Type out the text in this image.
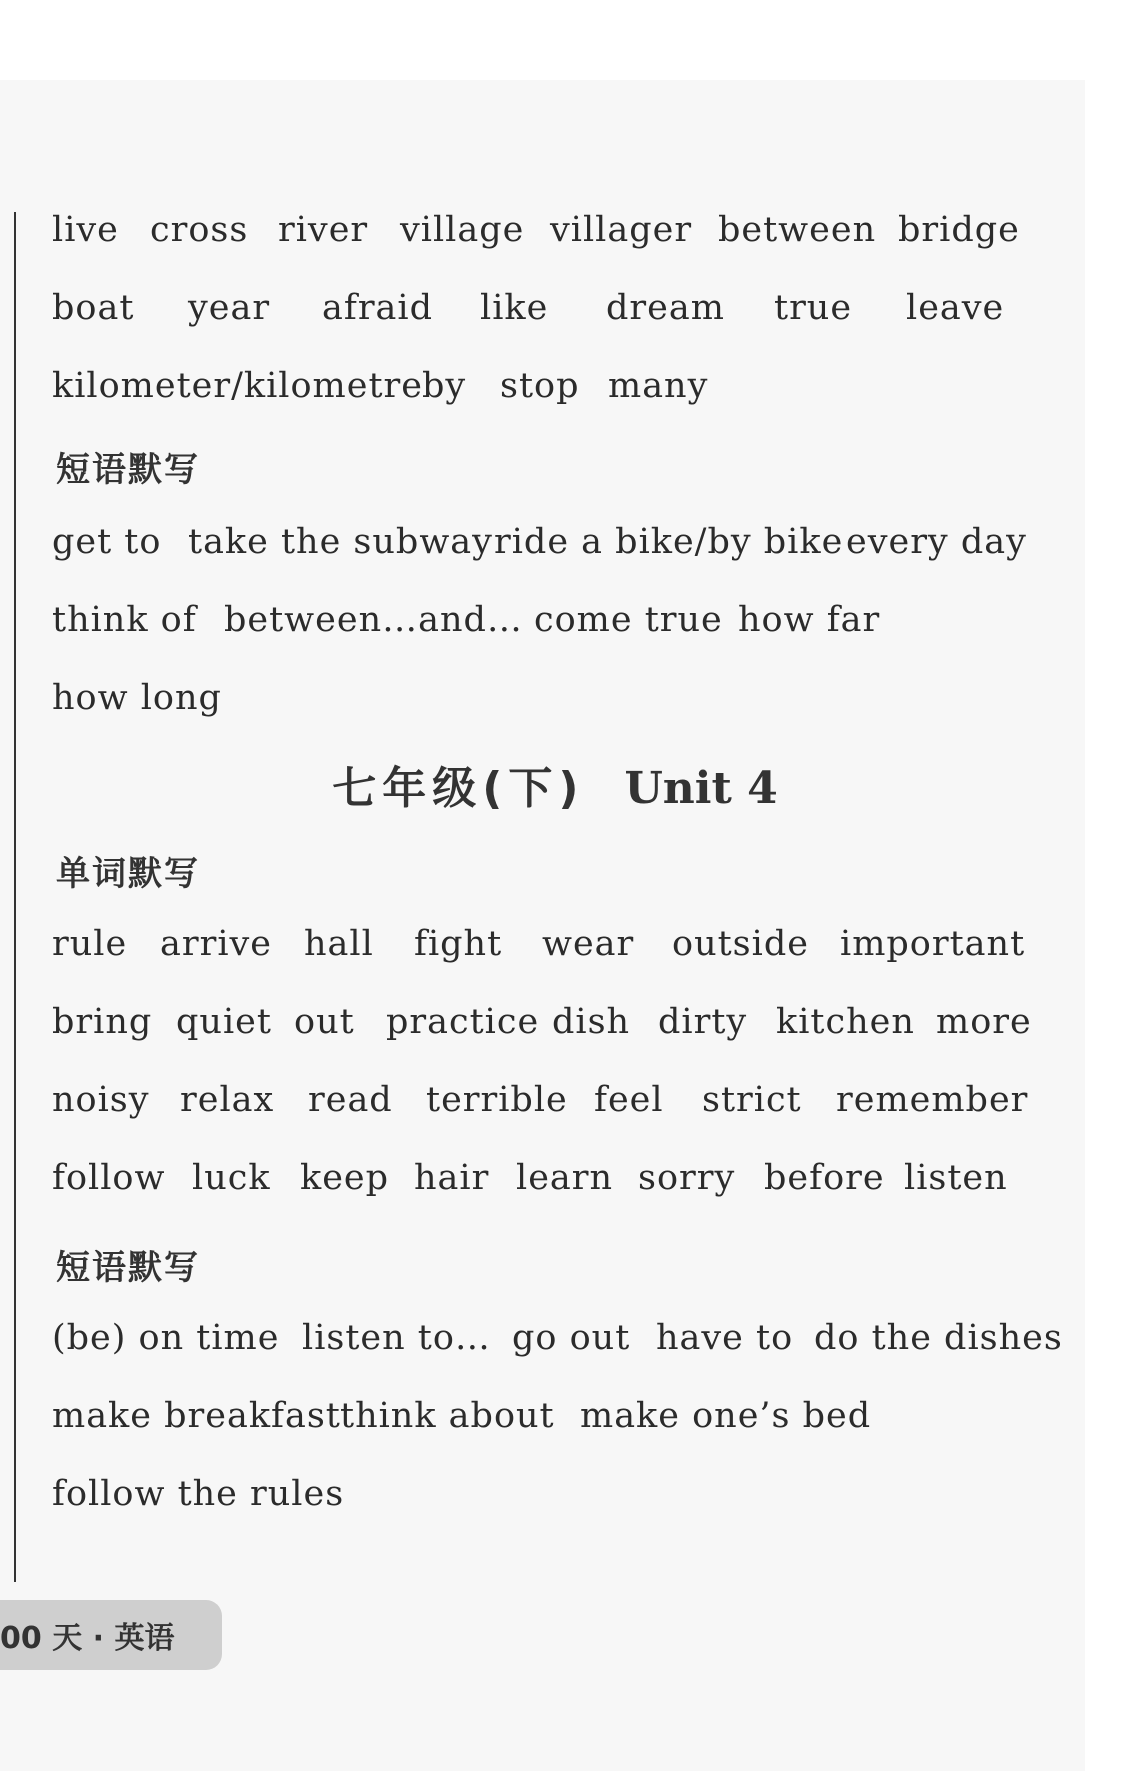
live cross river village villager between bridge
boat	year	afraid	like	dream	true	leave
kilometer/kilometre by stop many
短语默写
get to take the subway ride a bike/by bike every day
think of between…and… come true how far
how long
七年级(下) Unit 4
单词默写
rule arrive hall	fight	wear	outside important
bring quiet out practice dish dirty kitchen more
noisy relax read terrible feel	strict remember
follow luck keep hair learn sorry before listen
短语默写
(be) on time listen to… go out have to do the dishes
make breakfast think about make one’s bed
follow the rules
00 天 · 英语
